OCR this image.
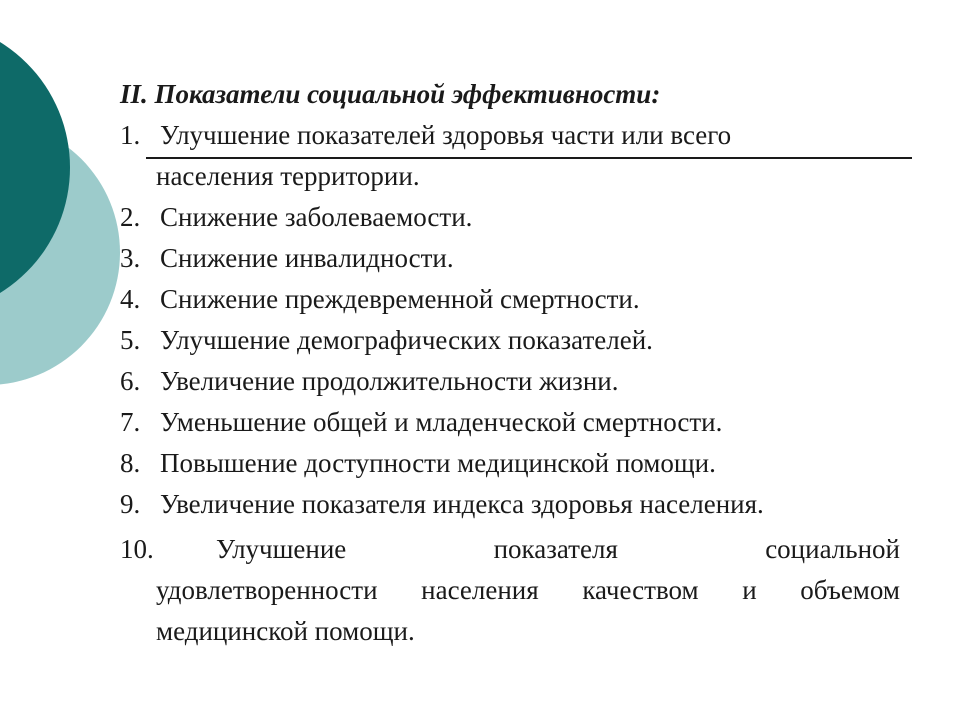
II. Показатели социальной эффективности:
1. Улучшение показателей здоровья части или всего
населения территории.
2. Снижение заболеваемости.
3. Снижение инвалидности.
4. Снижение преждевременной смертности.
5. Улучшение демографических показателей.
6. Увеличение продолжительности жизни.
7. Уменьшение общей и младенческой смертности.
8. Повышение доступности медицинской помощи.
9. Увеличение показателя индекса здоровья населения.
10. Улучшение	показателя	социальной
удовлетворенности населения качеством и объемом
медицинской помощи.
